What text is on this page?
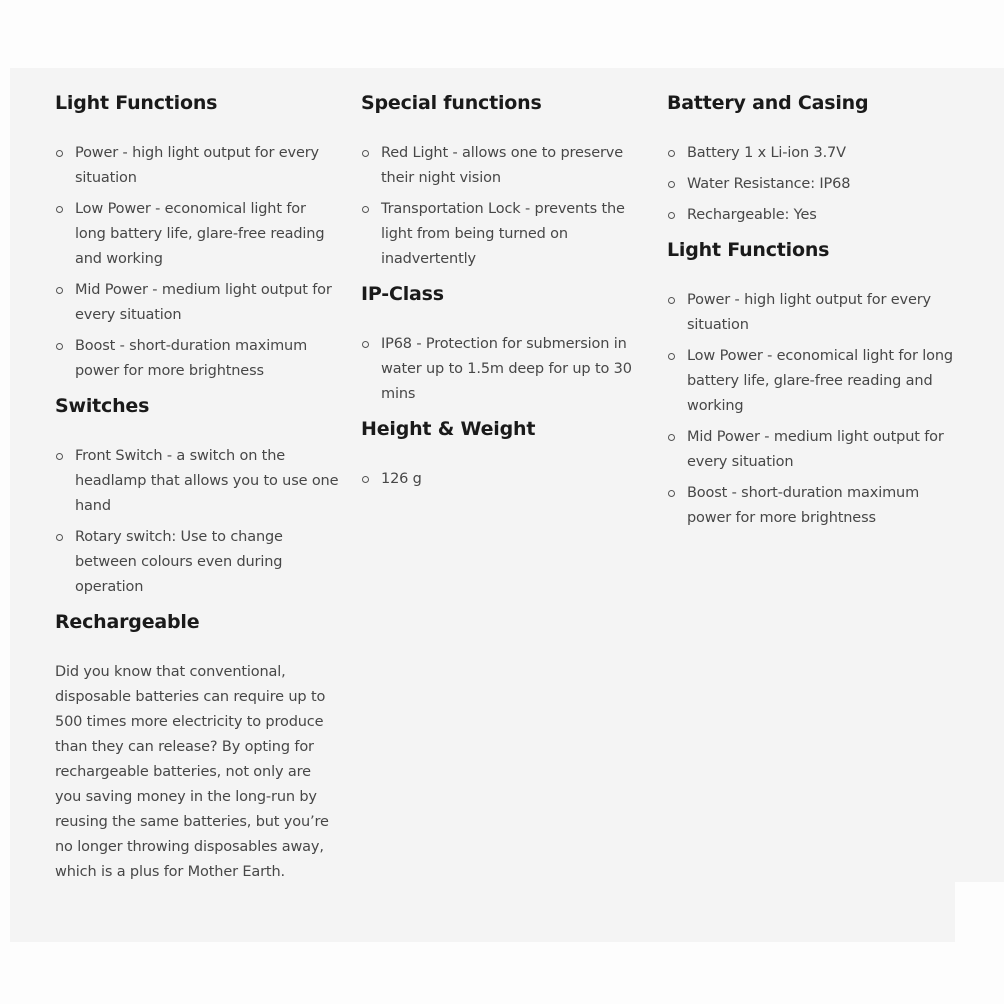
Light Functions
Power - high light output for every situation
Low Power - economical light for long battery life, glare-free reading and working
Mid Power - medium light output for every situation
Boost - short-duration maximum power for more brightness
Switches
Front Switch - a switch on the headlamp that allows you to use one hand
Rotary switch: Use to change between colours even during operation
Rechargeable

Did you know that conventional, disposable batteries can require up to 500 times more electricity to produce than they can release? By opting for rechargeable batteries, not only are you saving money in the long-run by reusing the same batteries, but you’re no longer throwing disposables away, which is a plus for Mother Earth.

Special functions
Red Light - allows one to preserve their night vision
Transportation Lock - prevents the light from being turned on inadvertently
IP-Class
IP68 - Protection for submersion in water up to 1.5m deep for up to 30 mins
Height & Weight
126 g
Battery and Casing
Battery 1 x Li-ion 3.7V
Water Resistance: IP68
Rechargeable: Yes
Light Functions
Power - high light output for every situation
Low Power - economical light for long battery life, glare-free reading and working
Mid Power - medium light output for every situation
Boost - short-duration maximum power for more brightness
